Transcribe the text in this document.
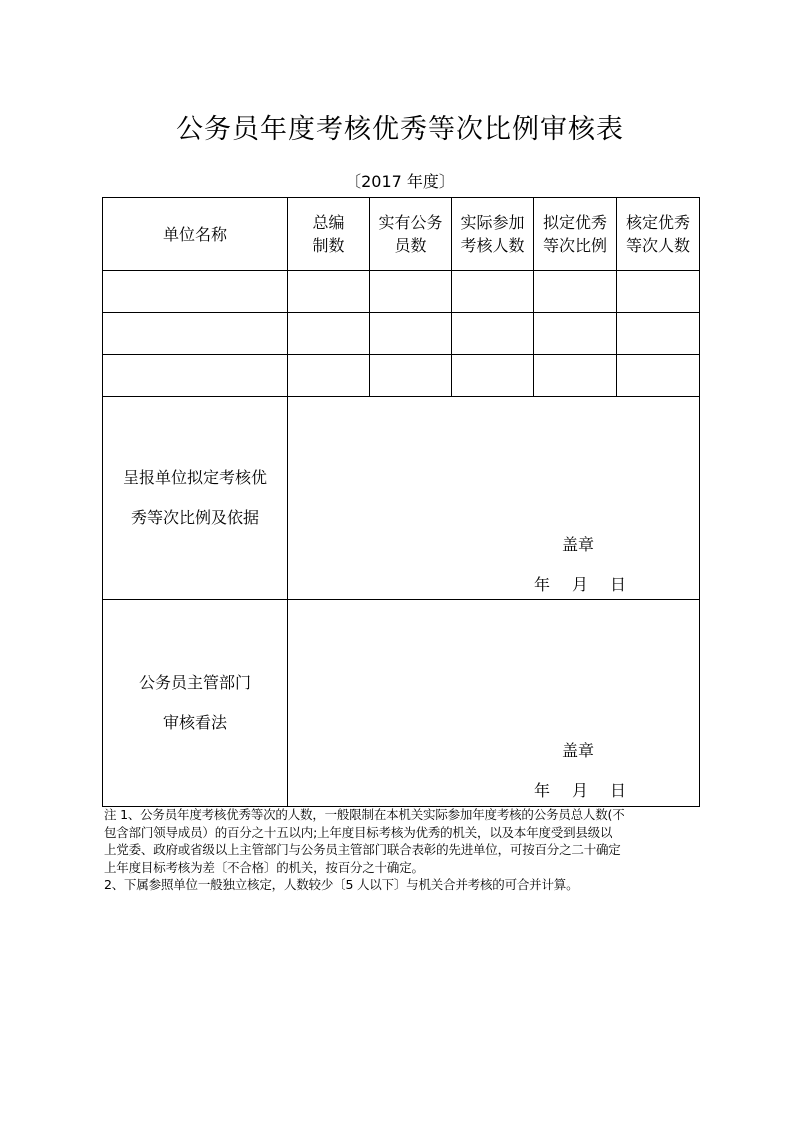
公务员年度考核优秀等次比例审核表
〔2017 年度〕
单位名称	总编制数	实有公务员数	实际参加考核人数	拟定优秀等次比例	核定优秀等次人数

呈报单位拟定考核优
秀等次比例及依据	盖章
年 月 日				

公务员主管部门
审核看法	盖章
年 月 日				
注 1、公务员年度考核优秀等次的人数，一般限制在本机关实际参加年度考核的公务员总人数(不
包含部门领导成员）的百分之十五以内;上年度目标考核为优秀的机关，以及本年度受到县级以
上党委、政府或省级以上主管部门与公务员主管部门联合表彰的先进单位，可按百分之二十确定
上年度目标考核为差〔不合格〕的机关，按百分之十确定。
2、下属参照单位一般独立核定，人数较少〔5 人以下〕与机关合并考核的可合并计算。
